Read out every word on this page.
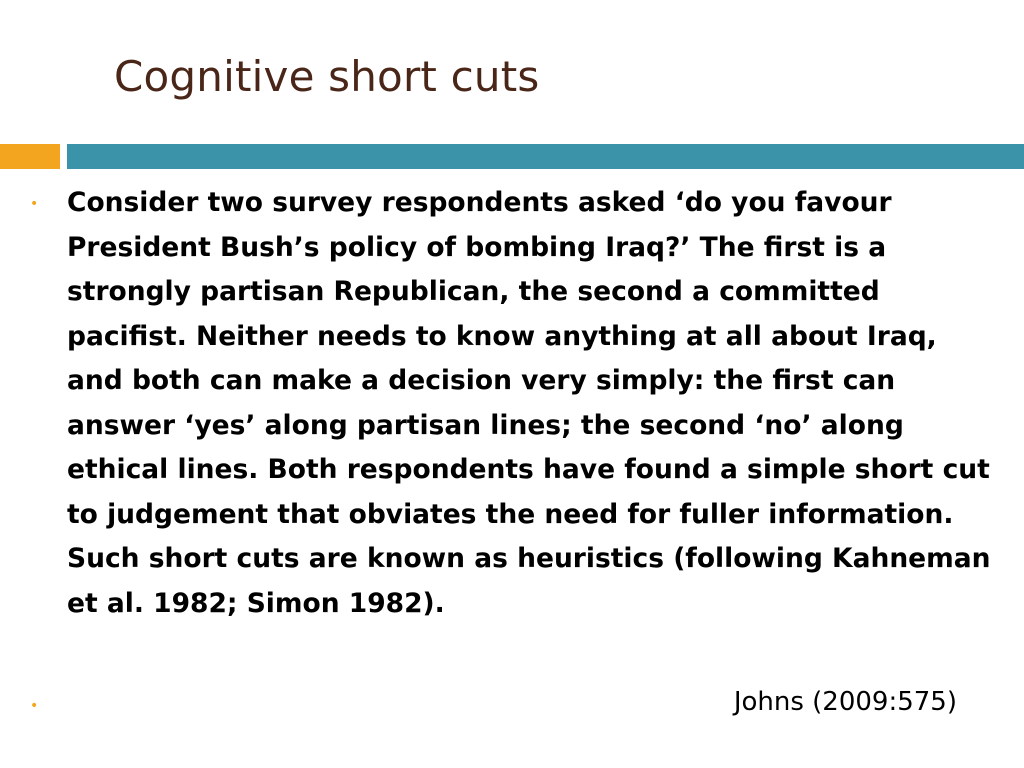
Cognitive short cuts
• Consider two survey respondents asked ‘do you favour President Bush’s policy of bombing Iraq?’ The first is a strongly partisan Republican, the second a committed pacifist. Neither needs to know anything at all about Iraq, and both can make a decision very simply: the first can answer ‘yes’ along partisan lines; the second ‘no’ along ethical lines. Both respondents have found a simple short cut to judgement that obviates the need for fuller information. Such short cuts are known as heuristics (following Kahneman et al. 1982; Simon 1982).

•	Johns (2009:575)
